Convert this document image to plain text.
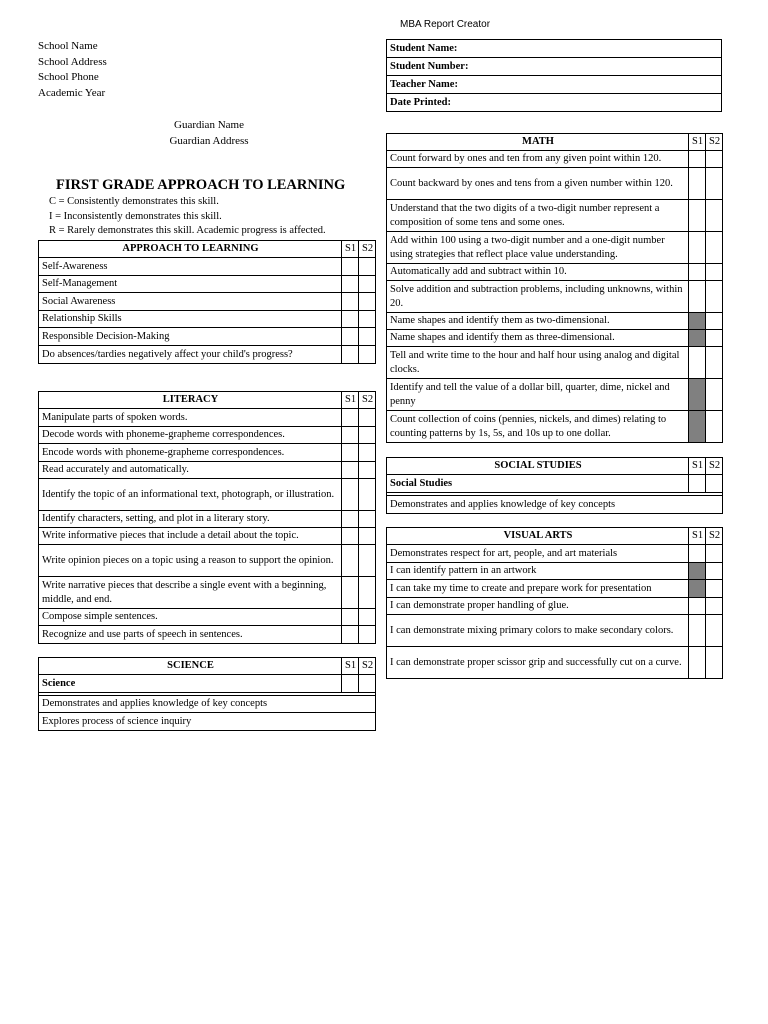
MBA Report Creator
School Name
School Address
School Phone
Academic Year
Guardian Name
Guardian Address
Student Name:
Student Number:
Teacher Name:
Date Printed:
FIRST GRADE APPROACH TO LEARNING
C = Consistently demonstrates this skill.
I = Inconsistently demonstrates this skill.
R = Rarely demonstrates this skill. Academic progress is affected.
APPROACH TO LEARNING	S1	S2
Self-Awareness		
Self-Management		
Social Awareness		
Relationship Skills		
Responsible Decision-Making		
Do absences/tardies negatively affect your child's progress?		
LITERACY	S1	S2
Manipulate parts of spoken words.		
Decode words with phoneme-grapheme correspondences.		
Encode words with phoneme-grapheme correspondences.		
Read accurately and automatically.		
Identify the topic of an informational text, photograph, or illustration.		
Identify characters, setting, and plot in a literary story.		
Write informative pieces that include a detail about the topic.		
Write opinion pieces on a topic using a reason to support the opinion.		
Write narrative pieces that describe a single event with a beginning, middle, and end.		
Compose simple sentences.		
Recognize and use parts of speech in sentences.		
SCIENCE	S1	S2
Science		

Demonstrates and applies knowledge of key concepts		
Explores process of science inquiry		
MATH	S1	S2
Count forward by ones and ten from any given point within 120.		
Count backward by ones and tens from a given number within 120.		
Understand that the two digits of a two-digit number represent a composition of some tens and some ones.		
Add within 100 using a two-digit number and a one-digit number using strategies that reflect place value understanding.		
Automatically add and subtract within 10.		
Solve addition and subtraction problems, including unknowns, within 20.		
Name shapes and identify them as two-dimensional.		
Name shapes and identify them as three-dimensional.		
Tell and write time to the hour and half hour using analog and digital clocks.		
Identify and tell the value of a dollar bill, quarter, dime, nickel and penny		
Count collection of coins (pennies, nickels, and dimes) relating to counting patterns by 1s, 5s, and 10s up to one dollar.		
SOCIAL STUDIES	S1	S2
Social Studies		

Demonstrates and applies knowledge of key concepts		
VISUAL ARTS	S1	S2
Demonstrates respect for art, people, and art materials		
I can identify pattern in an artwork		
I can take my time to create and prepare work for presentation		
I can demonstrate proper handling of glue.		
I can demonstrate mixing primary colors to make secondary colors.		
I can demonstrate proper scissor grip and successfully cut on a curve.		
